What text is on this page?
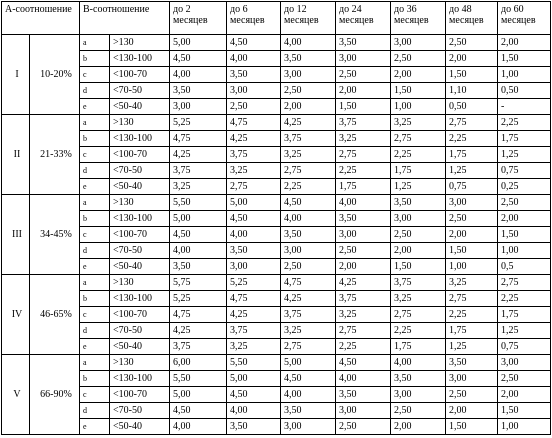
A-соотношение		B-соотношение		до 2 месяцев	до 6 месяцев	до 12 месяцев	до 24 месяцев	до 36 месяцев	до 48 месяцев	до 60 месяцев
I	10-20%	a	>130	5,00	4,50	4,00	3,50	3,00	2,50	2,00
		b	<130-100	4,50	4,00	3,50	3,00	2,50	2,00	1,50
		c	<100-70	4,00	3,50	3,00	2,50	2,00	1,50	1,00
		d	<70-50	3,50	3,00	2,50	2,00	1,50	1,10	0,50
		e	<50-40	3,00	2,50	2,00	1,50	1,00	0,50	-
II	21-33%	a	>130	5,25	4,75	4,25	3,75	3,25	2,75	2,25
		b	<130-100	4,75	4,25	3,75	3,25	2,75	2,25	1,75
		c	<100-70	4,25	3,75	3,25	2,75	2,25	1,75	1,25
		d	<70-50	3,75	3,25	2,75	2,25	1,75	1,25	0,75
		e	<50-40	3,25	2,75	2,25	1,75	1,25	0,75	0,25
III	34-45%	a	>130	5,50	5,00	4,50	4,00	3,50	3,00	2,50
		b	<130-100	5,00	4,50	4,00	3,50	3,00	2,50	2,00
		c	<100-70	4,50	4,00	3,50	3,00	2,50	2,00	1,50
		d	<70-50	4,00	3,50	3,00	2,50	2,00	1,50	1,00
		e	<50-40	3,50	3,00	2,50	2,00	1,50	1,00	0,5
IV	46-65%	a	>130	5,75	5,25	4,75	4,25	3,75	3,25	2,75
		b	<130-100	5,25	4,75	4,25	3,75	3,25	2,75	2,25
		c	<100-70	4,75	4,25	3,75	3,25	2,75	2,25	1,75
		d	<70-50	4,25	3,75	3,25	2,75	2,25	1,75	1,25
		e	<50-40	3,75	3,25	2,75	2,25	1,75	1,25	0,75
V	66-90%	a	>130	6,00	5,50	5,00	4,50	4,00	3,50	3,00
		b	<130-100	5,50	5,00	4,50	4,00	3,50	3,00	2,50
		c	<100-70	5,00	4,50	4,00	3,50	3,00	2,50	2,00
		d	<70-50	4,50	4,00	3,50	3,00	2,50	2,00	1,50
		e	<50-40	4,00	3,50	3,00	2,50	2,00	1,50	1,00
